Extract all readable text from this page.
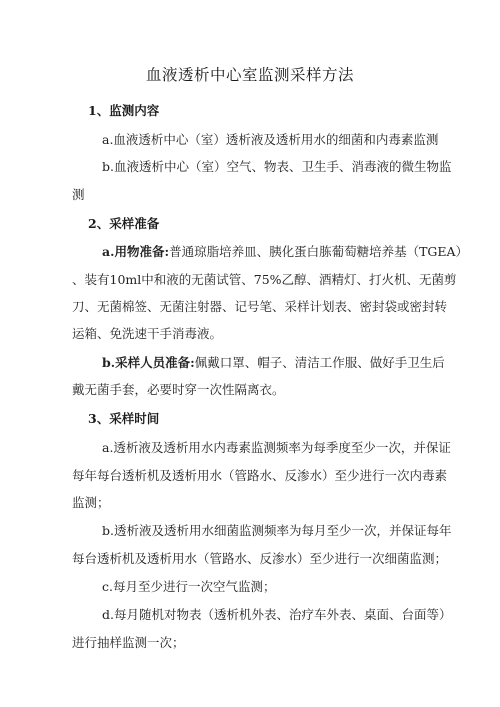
血液透析中心室监测采样方法
1、监测内容
a.血液透析中心（室）透析液及透析用水的细菌和内毒素监测
b.血液透析中心（室）空气、物表、卫生手、消毒液的微生物监
测
2、采样准备
a.用物准备:普通琼脂培养皿、胰化蛋白胨葡萄糖培养基（TGEA）
、装有10ml中和液的无菌试管、75%乙醇、酒精灯、打火机、无菌剪
刀、无菌棉签、无菌注射器、记号笔、采样计划表、密封袋或密封转
运箱、免洗速干手消毒液。
b.采样人员准备:佩戴口罩、帽子、清洁工作服、做好手卫生后
戴无菌手套，必要时穿一次性隔离衣。
3、采样时间
a.透析液及透析用水内毒素监测频率为每季度至少一次，并保证
每年每台透析机及透析用水（管路水、反渗水）至少进行一次内毒素
监测；
b.透析液及透析用水细菌监测频率为每月至少一次，并保证每年
每台透析机及透析用水（管路水、反渗水）至少进行一次细菌监测；
c.每月至少进行一次空气监测；
d.每月随机对物表（透析机外表、治疗车外表、桌面、台面等）
进行抽样监测一次；
